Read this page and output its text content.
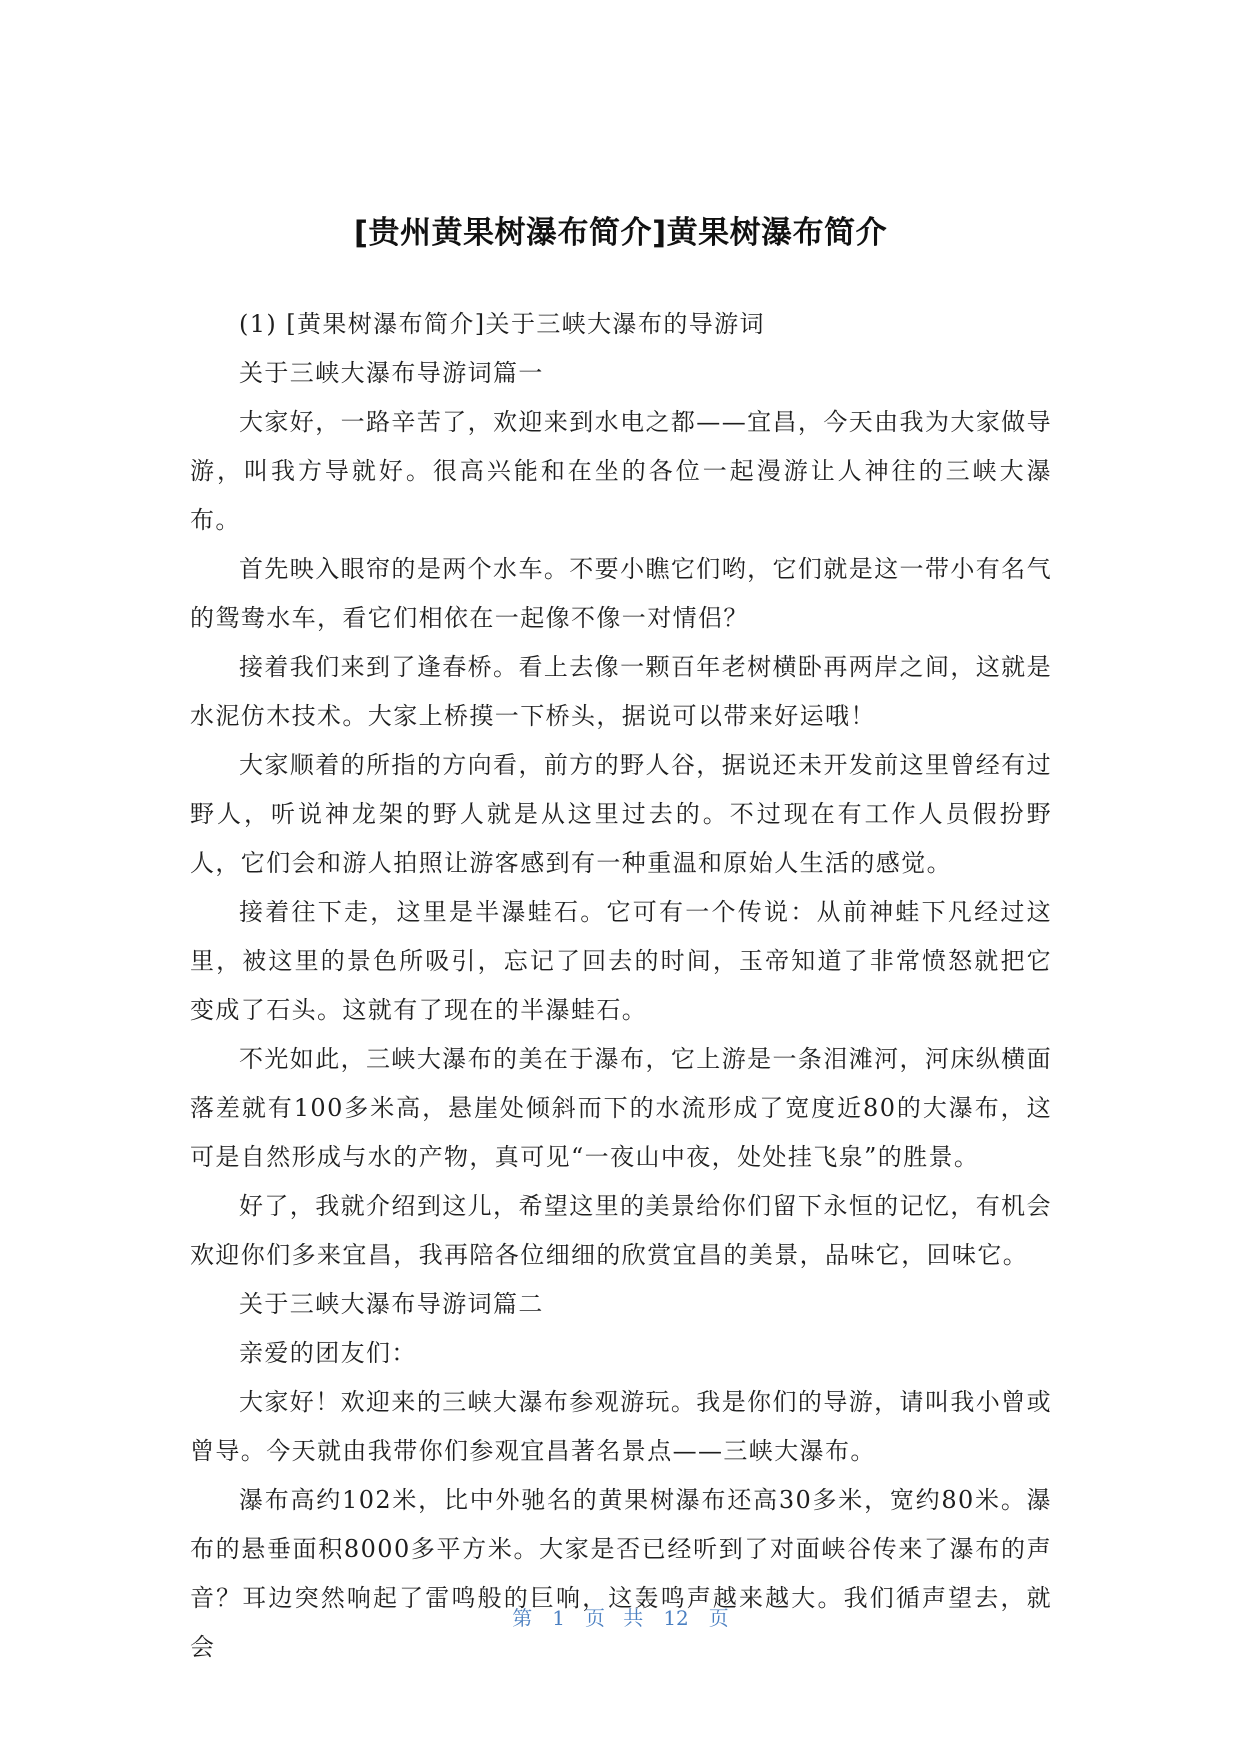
[贵州黄果树瀑布简介]黄果树瀑布简介

(1) [黄果树瀑布简介]关于三峡大瀑布的导游词

关于三峡大瀑布导游词篇一

大家好，一路辛苦了，欢迎来到水电之都——宜昌，今天由我为大家做导游，叫我方导就好。很高兴能和在坐的各位一起漫游让人神往的三峡大瀑布。

首先映入眼帘的是两个水车。不要小瞧它们哟，它们就是这一带小有名气的鸳鸯水车，看它们相依在一起像不像一对情侣？

接着我们来到了逢春桥。看上去像一颗百年老树横卧再两岸之间，这就是水泥仿木技术。大家上桥摸一下桥头，据说可以带来好运哦！

大家顺着的所指的方向看，前方的野人谷，据说还未开发前这里曾经有过野人，听说神龙架的野人就是从这里过去的。不过现在有工作人员假扮野人，它们会和游人拍照让游客感到有一种重温和原始人生活的感觉。

接着往下走，这里是半瀑蛙石。它可有一个传说：从前神蛙下凡经过这里，被这里的景色所吸引，忘记了回去的时间，玉帝知道了非常愤怒就把它变成了石头。这就有了现在的半瀑蛙石。

不光如此，三峡大瀑布的美在于瀑布，它上游是一条泪滩河，河床纵横面落差就有100多米高，悬崖处倾斜而下的水流形成了宽度近80的大瀑布，这可是自然形成与水的产物，真可见“一夜山中夜，处处挂飞泉”的胜景。

好了，我就介绍到这儿，希望这里的美景给你们留下永恒的记忆，有机会欢迎你们多来宜昌，我再陪各位细细的欣赏宜昌的美景，品味它，回味它。

关于三峡大瀑布导游词篇二

亲爱的团友们：

大家好！欢迎来的三峡大瀑布参观游玩。我是你们的导游，请叫我小曾或曾导。今天就由我带你们参观宜昌著名景点——三峡大瀑布。

瀑布高约102米，比中外驰名的黄果树瀑布还高30多米，宽约80米。瀑布的悬垂面积8000多平方米。大家是否已经听到了对面峡谷传来了瀑布的声音？耳边突然响起了雷鸣般的巨响，这轰鸣声越来越大。我们循声望去，就会

第 1 页 共 12 页
